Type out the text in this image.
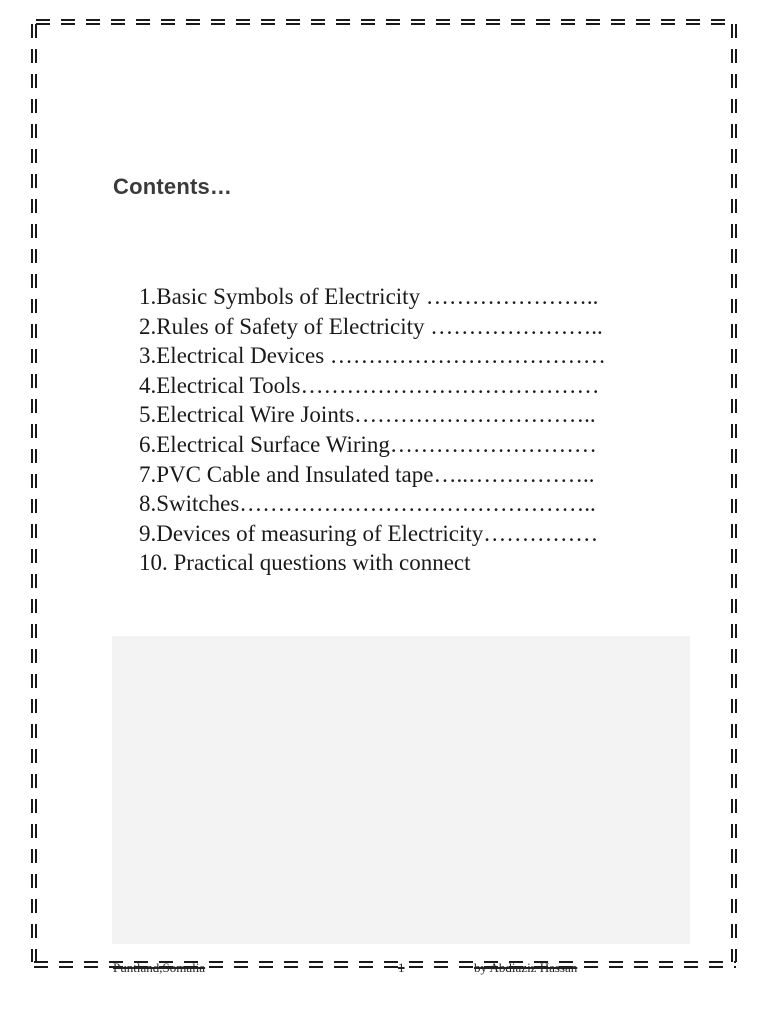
Contents…
1.Basic Symbols of Electricity …………………..
2.Rules of Safety of Electricity …………………..
3.Electrical Devices ………………………………
4.Electrical Tools…………………………………
5.Electrical Wire Joints…………………………..
6.Electrical Surface Wiring………………………
7.PVC Cable and Insulated tape…..……………..
8.Switches………………………………………..
9.Devices of measuring of Electricity……………
10. Practical questions with connect
Puntland,Somalia	1	by Abdiaziz Hassan
